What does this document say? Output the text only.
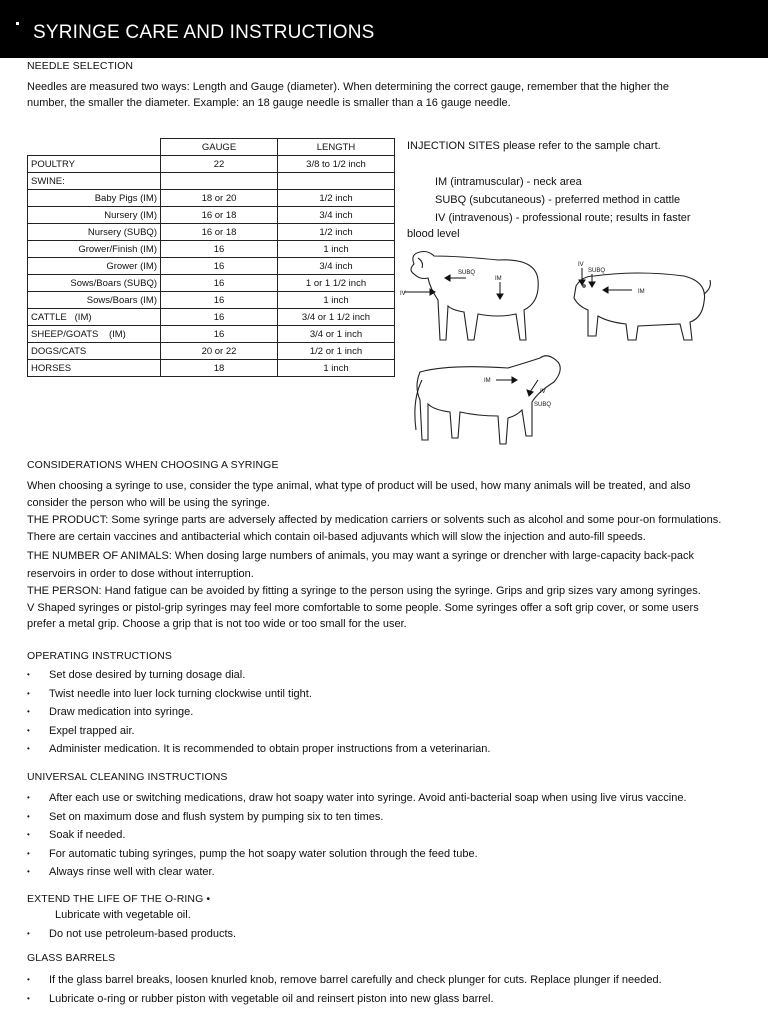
SYRINGE CARE AND INSTRUCTIONS
NEEDLE SELECTION
Needles are measured two ways: Length and Gauge (diameter). When determining the correct gauge, remember that the higher the
number, the smaller the diameter. Example: an 18 gauge needle is smaller than a 16 gauge needle.
	GAUGE	LENGTH
POULTRY	22	3/8 to 1/2 inch
SWINE:		
Baby Pigs (IM)	18 or 20	1/2 inch
Nursery (IM)	16 or 18	3/4 inch
Nursery (SUBQ)	16 or 18	1/2 inch
Grower/Finish (IM)	16	1 inch
Grower (IM)	16	3/4 inch
Sows/Boars (SUBQ)	16	1 or 1 1/2 inch
Sows/Boars (IM)	16	1 inch
CATTLE   (IM)	16	3/4 or 1 1/2 inch
SHEEP/GOATS    (IM)	16	3/4 or 1 inch
DOGS/CATS	20 or 22	1/2 or 1 inch
HORSES	18	1 inch
INJECTION SITES please refer to the sample chart.
IM (intramuscular) - neck area
SUBQ (subcutaneous) - preferred method in cattle
IV (intravenous) - professional route; results in faster
blood level
IV
SUBQ
IM
IV
SUBQ
IM
IM
IV
SUBQ
CONSIDERATIONS WHEN CHOOSING A SYRINGE
When choosing a syringe to use, consider the type animal, what type of product will be used, how many animals will be treated, and also
consider the person who will be using the syringe.
THE PRODUCT: Some syringe parts are adversely affected by medication carriers or solvents such as alcohol and some pour-on formulations.
There are certain vaccines and antibacterial which contain oil-based adjuvants which will slow the injection and auto-fill speeds.
THE NUMBER OF ANIMALS: When dosing large numbers of animals, you may want a syringe or drencher with large-capacity back-pack
reservoirs in order to dose without interruption.
THE PERSON: Hand fatigue can be avoided by fitting a syringe to the person using the syringe. Grips and grip sizes vary among syringes.
V Shaped syringes or pistol-grip syringes may feel more comfortable to some people. Some syringes offer a soft grip cover, or some users
prefer a metal grip. Choose a grip that is not too wide or too small for the user.
OPERATING INSTRUCTIONS
• Set dose desired by turning dosage dial.
• Twist needle into luer lock turning clockwise until tight.
• Draw medication into syringe.
• Expel trapped air.
• Administer medication. It is recommended to obtain proper instructions from a veterinarian.
UNIVERSAL CLEANING INSTRUCTIONS
• After each use or switching medications, draw hot soapy water into syringe. Avoid anti-bacterial soap when using live virus vaccine.
• Set on maximum dose and flush system by pumping six to ten times.
• Soak if needed.
• For automatic tubing syringes, pump the hot soapy water solution through the feed tube.
• Always rinse well with clear water.
EXTEND THE LIFE OF THE O-RING •
Lubricate with vegetable oil.
• Do not use petroleum-based products.
GLASS BARRELS
• If the glass barrel breaks, loosen knurled knob, remove barrel carefully and check plunger for cuts. Replace plunger if needed.
• Lubricate o-ring or rubber piston with vegetable oil and reinsert piston into new glass barrel.
